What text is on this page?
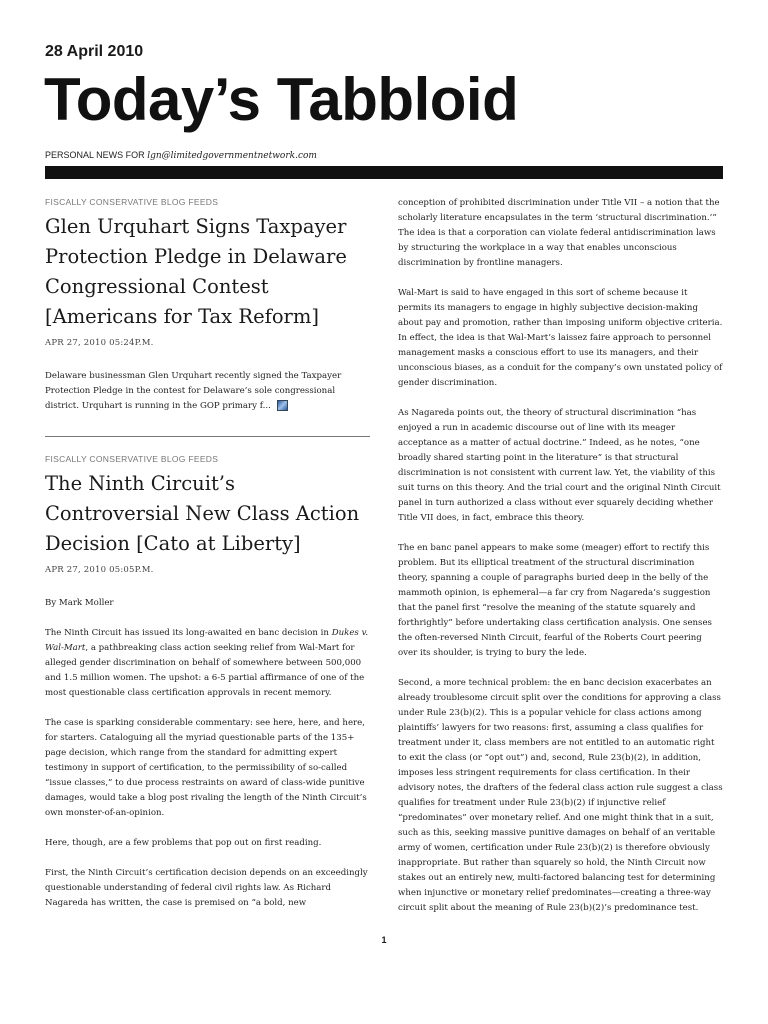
28 April 2010
Today’s Tabbloid
PERSONAL NEWS FOR lgn@limitedgovernmentnetwork.com
FISCALLY CONSERVATIVE BLOG FEEDS
Glen Urquhart Signs Taxpayer Protection Pledge in Delaware Congressional Contest [Americans for Tax Reform]
APR 27, 2010 05:24P.M.
Delaware businessman Glen Urquhart recently signed the Taxpayer Protection Pledge in the contest for Delaware’s sole congressional district. Urquhart is running in the GOP primary f...
FISCALLY CONSERVATIVE BLOG FEEDS
The Ninth Circuit’s Controversial New Class Action Decision [Cato at Liberty]
APR 27, 2010 05:05P.M.
By Mark Moller
The Ninth Circuit has issued its long-awaited en banc decision in Dukes v. Wal-Mart, a pathbreaking class action seeking relief from Wal-Mart for alleged gender discrimination on behalf of somewhere between 500,000 and 1.5 million women. The upshot: a 6-5 partial affirmance of one of the most questionable class certification approvals in recent memory.
The case is sparking considerable commentary: see here, here, and here, for starters. Cataloguing all the myriad questionable parts of the 135+ page decision, which range from the standard for admitting expert testimony in support of certification, to the permissibility of so-called “issue classes,” to due process restraints on award of class-wide punitive damages, would take a blog post rivaling the length of the Ninth Circuit’s own monster-of-an-opinion.
Here, though, are a few problems that pop out on first reading.
First, the Ninth Circuit’s certification decision depends on an exceedingly questionable understanding of federal civil rights law. As Richard Nagareda has written, the case is premised on “a bold, new
conception of prohibited discrimination under Title VII – a notion that the scholarly literature encapsulates in the term ‘structural discrimination.’” The idea is that a corporation can violate federal antidiscrimination laws by structuring the workplace in a way that enables unconscious discrimination by frontline managers.
Wal-Mart is said to have engaged in this sort of scheme because it permits its managers to engage in highly subjective decision-making about pay and promotion, rather than imposing uniform objective criteria. In effect, the idea is that Wal-Mart’s laissez faire approach to personnel management masks a conscious effort to use its managers, and their unconscious biases, as a conduit for the company’s own unstated policy of gender discrimination.
As Nagareda points out, the theory of structural discrimination “has enjoyed a run in academic discourse out of line with its meager acceptance as a matter of actual doctrine.” Indeed, as he notes, “one broadly shared starting point in the literature” is that structural discrimination is not consistent with current law. Yet, the viability of this suit turns on this theory. And the trial court and the original Ninth Circuit panel in turn authorized a class without ever squarely deciding whether Title VII does, in fact, embrace this theory.
The en banc panel appears to make some (meager) effort to rectify this problem. But its elliptical treatment of the structural discrimination theory, spanning a couple of paragraphs buried deep in the belly of the mammoth opinion, is ephemeral—a far cry from Nagareda’s suggestion that the panel first “resolve the meaning of the statute squarely and forthrightly” before undertaking class certification analysis. One senses the often-reversed Ninth Circuit, fearful of the Roberts Court peering over its shoulder, is trying to bury the lede.
Second, a more technical problem: the en banc decision exacerbates an already troublesome circuit split over the conditions for approving a class under Rule 23(b)(2). This is a popular vehicle for class actions among plaintiffs’ lawyers for two reasons: first, assuming a class qualifies for treatment under it, class members are not entitled to an automatic right to exit the class (or “opt out”) and, second, Rule 23(b)(2), in addition, imposes less stringent requirements for class certification. In their advisory notes, the drafters of the federal class action rule suggest a class qualifies for treatment under Rule 23(b)(2) if injunctive relief “predominates” over monetary relief. And one might think that in a suit, such as this, seeking massive punitive damages on behalf of an veritable army of women, certification under Rule 23(b)(2) is therefore obviously inappropriate. But rather than squarely so hold, the Ninth Circuit now stakes out an entirely new, multi-factored balancing test for determining when injunctive or monetary relief predominates—creating a three-way circuit split about the meaning of Rule 23(b)(2)’s predominance test.
1
